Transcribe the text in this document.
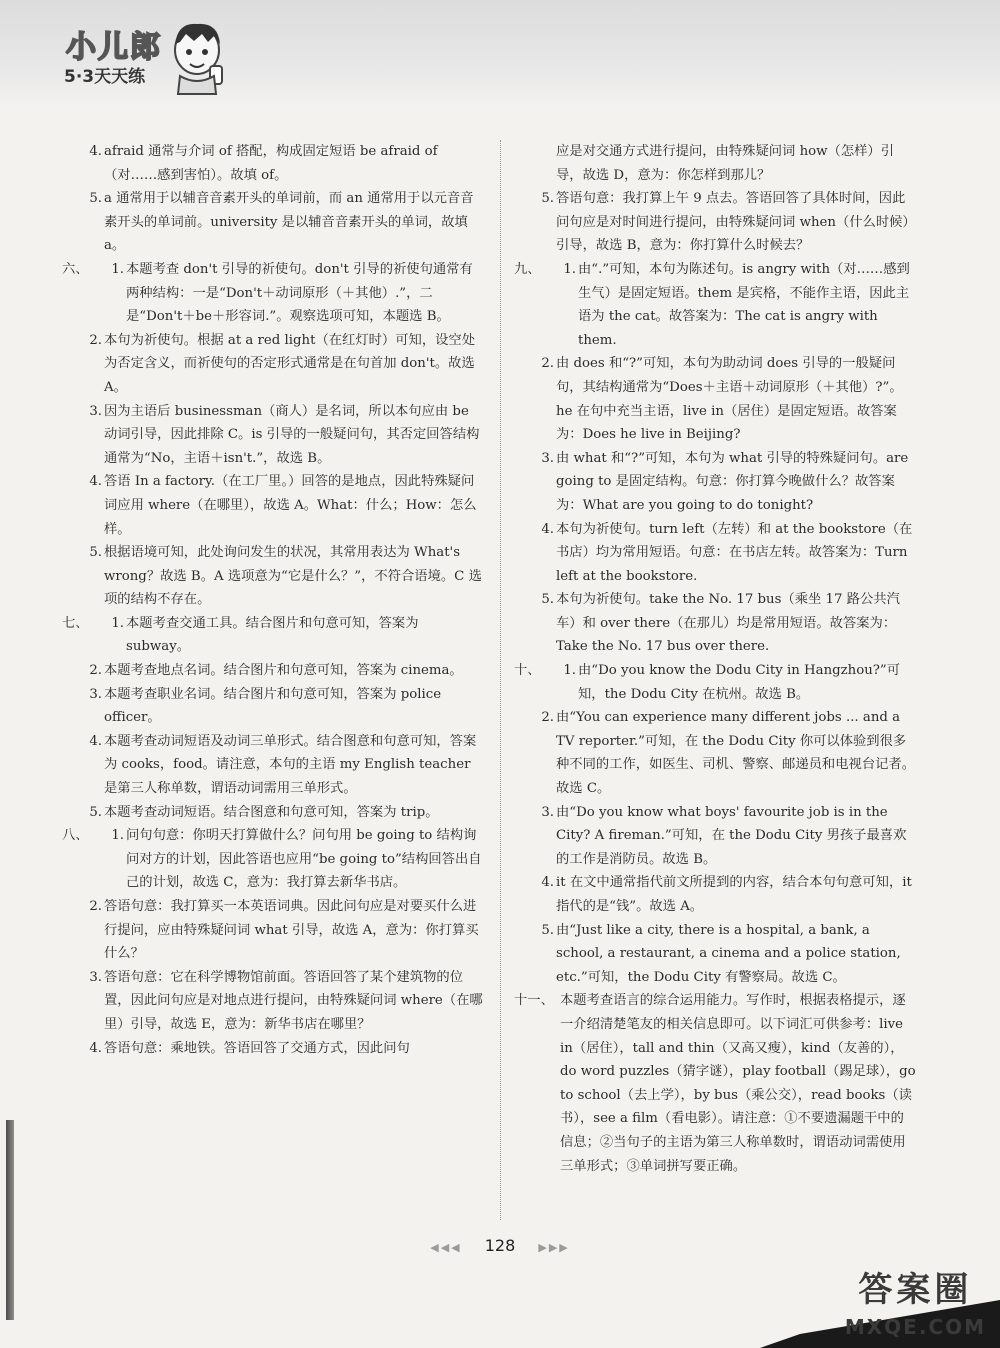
小儿郎
5·3天天练
4. afraid 通常与介词 of 搭配，构成固定短语 be afraid of（对……感到害怕）。故填 of。
5. a 通常用于以辅音音素开头的单词前，而 an 通常用于以元音音素开头的单词前。university 是以辅音音素开头的单词，故填 a。
六、	1. 本题考查 don't 引导的祈使句。don't 引导的祈使句通常有两种结构：一是“Don't＋动词原形（＋其他）.”，二是“Don't＋be＋形容词.”。观察选项可知，本题选 B。
2. 本句为祈使句。根据 at a red light（在红灯时）可知，设空处为否定含义，而祈使句的否定形式通常是在句首加 don't。故选 A。
3. 因为主语后 businessman（商人）是名词，所以本句应由 be 动词引导，因此排除 C。is 引导的一般疑问句，其否定回答结构通常为“No，主语＋isn't.”，故选 B。
4. 答语 In a factory.（在工厂里。）回答的是地点，因此特殊疑问词应用 where（在哪里），故选 A。What：什么；How：怎么样。
5. 根据语境可知，此处询问发生的状况，其常用表达为 What's wrong？故选 B。A 选项意为“它是什么？”，不符合语境。C 选项的结构不存在。
七、	1. 本题考查交通工具。结合图片和句意可知，答案为 subway。
2. 本题考查地点名词。结合图片和句意可知，答案为 cinema。
3. 本题考查职业名词。结合图片和句意可知，答案为 police officer。
4. 本题考查动词短语及动词三单形式。结合图意和句意可知，答案为 cooks，food。请注意，本句的主语 my English teacher 是第三人称单数，谓语动词需用三单形式。
5. 本题考查动词短语。结合图意和句意可知，答案为 trip。
八、	1. 问句句意：你明天打算做什么？问句用 be going to 结构询问对方的计划，因此答语也应用“be going to”结构回答出自己的计划，故选 C，意为：我打算去新华书店。
2. 答语句意：我打算买一本英语词典。因此问句应是对要买什么进行提问，应由特殊疑问词 what 引导，故选 A，意为：你打算买什么？
3. 答语句意：它在科学博物馆前面。答语回答了某个建筑物的位置，因此问句应是对地点进行提问，由特殊疑问词 where（在哪里）引导，故选 E，意为：新华书店在哪里？
4. 答语句意：乘地铁。答语回答了交通方式，因此问句
应是对交通方式进行提问，由特殊疑问词 how（怎样）引导，故选 D，意为：你怎样到那儿？
5. 答语句意：我打算上午 9 点去。答语回答了具体时间，因此问句应是对时间进行提问，由特殊疑问词 when（什么时候）引导，故选 B，意为：你打算什么时候去？
九、	1. 由“.”可知，本句为陈述句。is angry with（对……感到生气）是固定短语。them 是宾格，不能作主语，因此主语为 the cat。故答案为：The cat is angry with them.
2. 由 does 和“?”可知，本句为助动词 does 引导的一般疑问句，其结构通常为“Does＋主语＋动词原形（＋其他）?”。he 在句中充当主语，live in（居住）是固定短语。故答案为：Does he live in Beijing?
3. 由 what 和“?”可知，本句为 what 引导的特殊疑问句。are going to 是固定结构。句意：你打算今晚做什么？故答案为：What are you going to do tonight?
4. 本句为祈使句。turn left（左转）和 at the bookstore（在书店）均为常用短语。句意：在书店左转。故答案为：Turn left at the bookstore.
5. 本句为祈使句。take the No. 17 bus（乘坐 17 路公共汽车）和 over there（在那儿）均是常用短语。故答案为：Take the No. 17 bus over there.
十、	1. 由“Do you know the Dodu City in Hangzhou?”可知，the Dodu City 在杭州。故选 B。
2. 由“You can experience many different jobs ... and a TV reporter.”可知，在 the Dodu City 你可以体验到很多种不同的工作，如医生、司机、警察、邮递员和电视台记者。故选 C。
3. 由“Do you know what boys' favourite job is in the City? A fireman.”可知，在 the Dodu City 男孩子最喜欢的工作是消防员。故选 B。
4. it 在文中通常指代前文所提到的内容，结合本句句意可知，it 指代的是“钱”。故选 A。
5. 由“Just like a city, there is a hospital, a bank, a school, a restaurant, a cinema and a police station, etc.”可知，the Dodu City 有警察局。故选 C。
十一、 本题考查语言的综合运用能力。写作时，根据表格提示，逐一介绍清楚笔友的相关信息即可。以下词汇可供参考：live in（居住），tall and thin（又高又瘦），kind（友善的），do word puzzles（猜字谜），play football（踢足球），go to school（去上学），by bus（乘公交），read books（读书），see a film（看电影）。请注意：①不要遗漏题干中的信息；②当句子的主语为第三人称单数时，谓语动词需使用三单形式；③单词拼写要正确。
◀◀◀ 128 ▶▶▶
答案圈
MXQE.COM
